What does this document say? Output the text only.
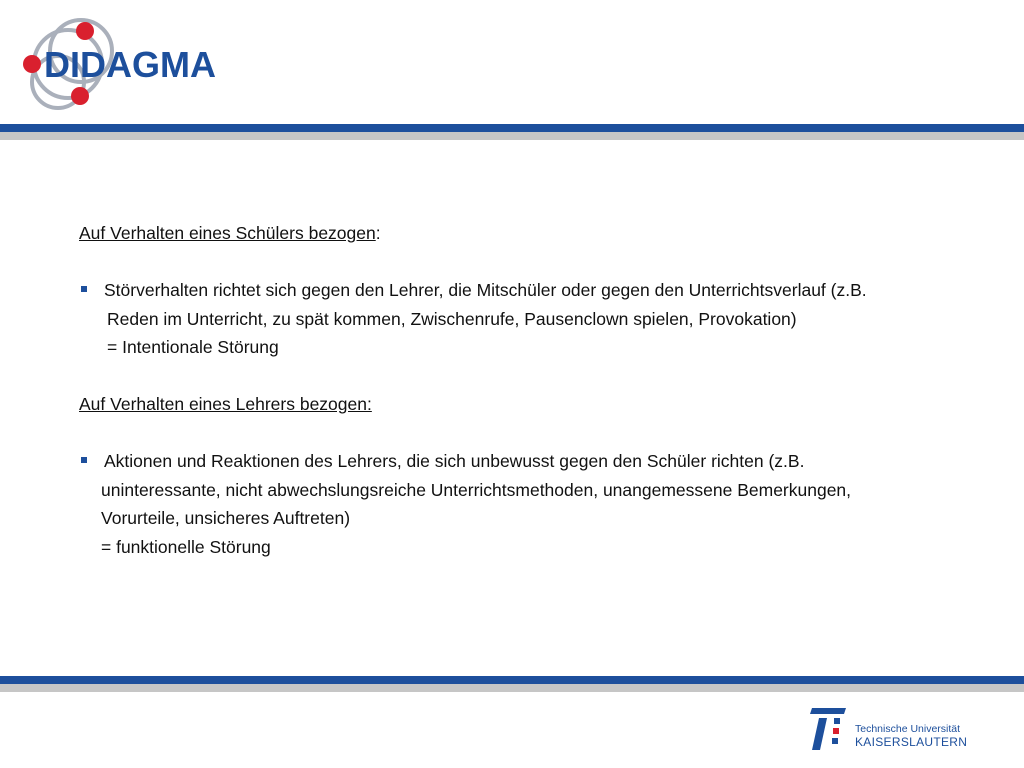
DIDAGMA

Auf Verhalten eines Schülers bezogen:

Störverhalten richtet sich gegen den Lehrer, die Mitschüler oder gegen den Unterrichtsverlauf (z.B.
Reden im Unterricht, zu spät kommen, Zwischenrufe, Pausenclown spielen, Provokation)
= Intentionale Störung

Auf Verhalten eines Lehrers bezogen:

Aktionen und Reaktionen des Lehrers, die sich unbewusst gegen den Schüler richten (z.B.
uninteressante, nicht abwechslungsreiche Unterrichtsmethoden, unangemessene Bemerkungen,
Vorurteile, unsicheres Auftreten)
= funktionelle Störung
Technische Universität
KAISERSLAUTERN
